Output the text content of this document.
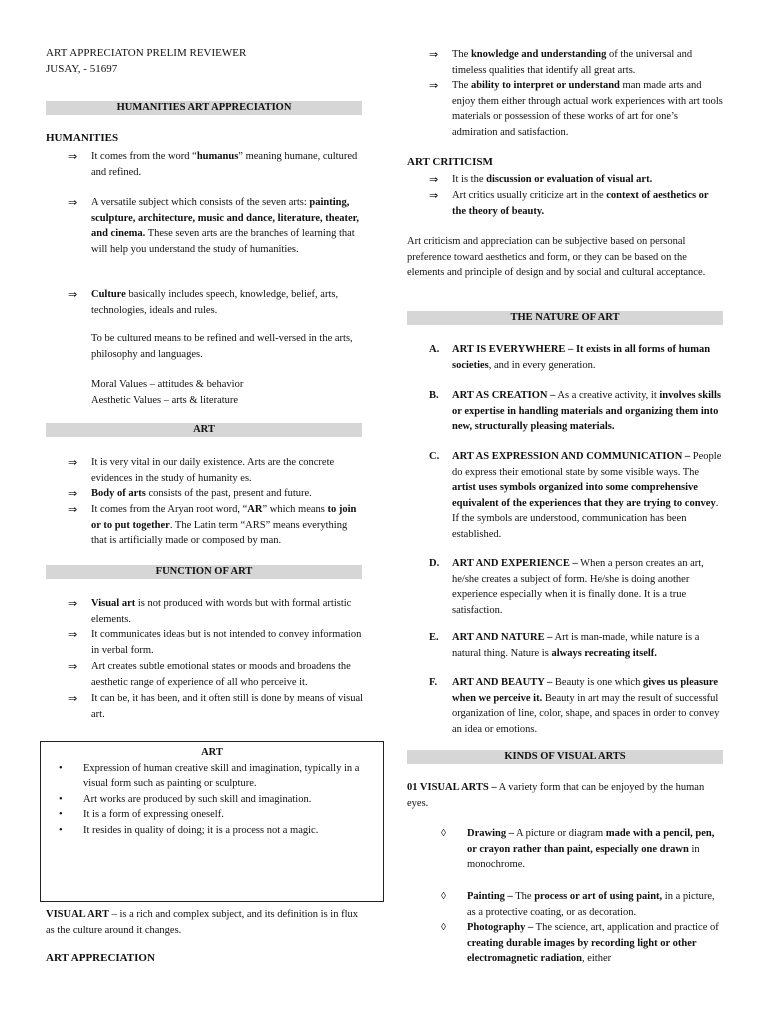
ART APPRECIATON PRELIM REVIEWER
JUSAY, - 51697
HUMANITIES ART APPRECIATION
HUMANITIES
⇒ It comes from the word “humanus” meaning humane, cultured and refined.
⇒ A versatile subject which consists of the seven arts: painting, sculpture, architecture, music and dance, literature, theater, and cinema. These seven arts are the branches of learning that will help you understand the study of humanities.
⇒ Culture basically includes speech, knowledge, belief, arts, technologies, ideals and rules.
To be cultured means to be refined and well-versed in the arts, philosophy and languages.
Moral Values – attitudes & behavior
Aesthetic Values – arts & literature
ART
⇒ It is very vital in our daily existence. Arts are the concrete evidences in the study of humanity es.
⇒ Body of arts consists of the past, present and future.
⇒ It comes from the Aryan root word, “AR” which means to join or to put together. The Latin term “ARS” means everything that is artificially made or composed by man.
FUNCTION OF ART
⇒ Visual art is not produced with words but with formal artistic elements.
⇒ It communicates ideas but is not intended to convey information in verbal form.
⇒ Art creates subtle emotional states or moods and broadens the aesthetic range of experience of all who perceive it.
⇒ It can be, it has been, and it often still is done by means of visual art.
ART
• Expression of human creative skill and imagination, typically in a visual form such as painting or sculpture.
• Art works are produced by such skill and imagination.
• It is a form of expressing oneself.
• It resides in quality of doing; it is a process not a magic.
VISUAL ART – is a rich and complex subject, and its definition is in flux as the culture around it changes.
ART APPRECIATION
⇒ The knowledge and understanding of the universal and timeless qualities that identify all great arts.
⇒ The ability to interpret or understand man made arts and enjoy them either through actual work experiences with art tools materials or possession of these works of art for one’s admiration and satisfaction.
ART CRITICISM
⇒ It is the discussion or evaluation of visual art.
⇒ Art critics usually criticize art in the context of aesthetics or the theory of beauty.
Art criticism and appreciation can be subjective based on personal preference toward aesthetics and form, or they can be based on the elements and principle of design and by social and cultural acceptance.
THE NATURE OF ART
A. ART IS EVERYWHERE – It exists in all forms of human societies, and in every generation.
B. ART AS CREATION – As a creative activity, it involves skills or expertise in handling materials and organizing them into new, structurally pleasing materials.
C. ART AS EXPRESSION AND COMMUNICATION – People do express their emotional state by some visible ways. The artist uses symbols organized into some comprehensive equivalent of the experiences that they are trying to convey. If the symbols are understood, communication has been established.
D. ART AND EXPERIENCE – When a person creates an art, he/she creates a subject of form. He/she is doing another experience especially when it is finally done. It is a true satisfaction.
E. ART AND NATURE – Art is man-made, while nature is a natural thing. Nature is always recreating itself.
F. ART AND BEAUTY – Beauty is one which gives us pleasure when we perceive it. Beauty in art may the result of successful organization of line, color, shape, and spaces in order to convey an idea or emotions.
KINDS OF VISUAL ARTS
01 VISUAL ARTS – A variety form that can be enjoyed by the human eyes.
◊ Drawing – A picture or diagram made with a pencil, pen, or crayon rather than paint, especially one drawn in monochrome.
◊ Painting – The process or art of using paint, in a picture, as a protective coating, or as decoration.
◊ Photography – The science, art, application and practice of creating durable images by recording light or other electromagnetic radiation, either
